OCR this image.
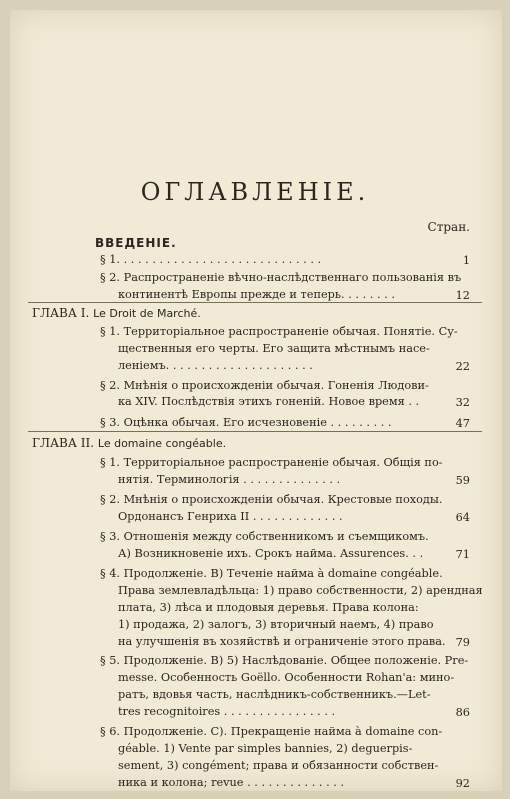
ОГЛАВЛЕНІЕ.
Стран.
ВВЕДЕНІЕ.
§ 1. . . . . . . . . . . . . . . . . . . . . . . . . . . . .	1
§ 2. Распространеніе вѣчно-наслѣдственнаго пользованія въ
континентѣ Европы прежде и теперь. . . . . . . .	12
ГЛАВА I. Le Droit de Marché.
§ 1. Территоріальное распространеніе обычая. Понятіе. Су-
щественныя его черты. Его защита мѣстнымъ насе-
леніемъ. . . . . . . . . . . . . . . . . . . . .	22
§ 2. Мнѣнія о происхожденіи обычая. Гоненія Людови-
ка XIV. Послѣдствія этихъ гоненій. Новое время . .	32
§ 3. Оцѣнка обычая. Его исчезновеніе . . . . . . . . .	47
ГЛАВА II. Le domaine congéable.
§ 1. Территоріальное распространеніе обычая. Общія по-
нятія. Терминологія . . . . . . . . . . . . . .	59
§ 2. Мнѣнія о происхожденіи обычая. Крестовые походы.
Ордонансъ Генриха II . . . . . . . . . . . . .	64
§ 3. Отношенія между собственникомъ и съемщикомъ.
А) Возникновеніе ихъ. Срокъ найма. Assurences. . .	71
§ 4. Продолженіе. В) Теченіе найма à domaine congéable.
Права землевладѣльца: 1) право собственности, 2) арендная
плата, 3) лѣса и плодовыя деревья. Права колона:
1) продажа, 2) залогъ, 3) вторичный наемъ, 4) право
на улучшенія въ хозяйствѣ и ограниченіе этого права. 79
§ 5. Продолженіе. В) 5) Наслѣдованіе. Общее положеніе. Pre-
messe. Особенность Goëllo. Особенности Rohan'a: мино-
ратъ, вдовья часть, наслѣдникъ-собственникъ.—Let-
tres recognitoires . . . . . . . . . . . . . . . .	86
§ 6. Продолженіе. С). Прекращеніе найма à domaine con-
géable. 1) Vente par simples bannies, 2) deguerpis-
sement, 3) congément; права и обязанности собствен-
ника и колона; revue . . . . . . . . . . . . . .	92
